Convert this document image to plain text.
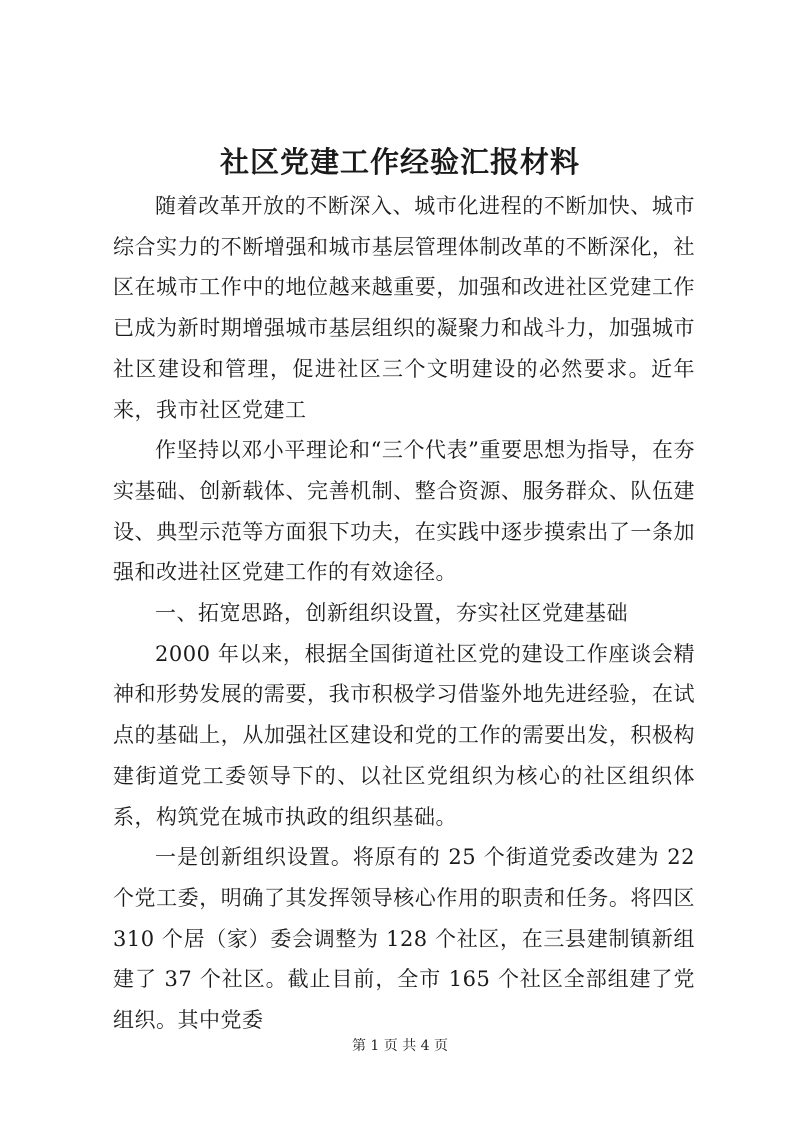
社区党建工作经验汇报材料

随着改革开放的不断深入、城市化进程的不断加快、城市综合实力的不断增强和城市基层管理体制改革的不断深化，社区在城市工作中的地位越来越重要，加强和改进社区党建工作已成为新时期增强城市基层组织的凝聚力和战斗力，加强城市社区建设和管理，促进社区三个文明建设的必然要求。近年来，我市社区党建工

作坚持以邓小平理论和“三个代表”重要思想为指导，在夯实基础、创新载体、完善机制、整合资源、服务群众、队伍建设、典型示范等方面狠下功夫，在实践中逐步摸索出了一条加强和改进社区党建工作的有效途径。

一、拓宽思路，创新组织设置，夯实社区党建基础

2000 年以来，根据全国街道社区党的建设工作座谈会精神和形势发展的需要，我市积极学习借鉴外地先进经验，在试点的基础上，从加强社区建设和党的工作的需要出发，积极构建街道党工委领导下的、以社区党组织为核心的社区组织体系，构筑党在城市执政的组织基础。

一是创新组织设置。将原有的 25 个街道党委改建为 22 个党工委，明确了其发挥领导核心作用的职责和任务。将四区 310 个居（家）委会调整为 128 个社区，在三县建制镇新组建了 37 个社区。截止目前，全市 165 个社区全部组建了党组织。其中党委

第 1 页 共 4 页
